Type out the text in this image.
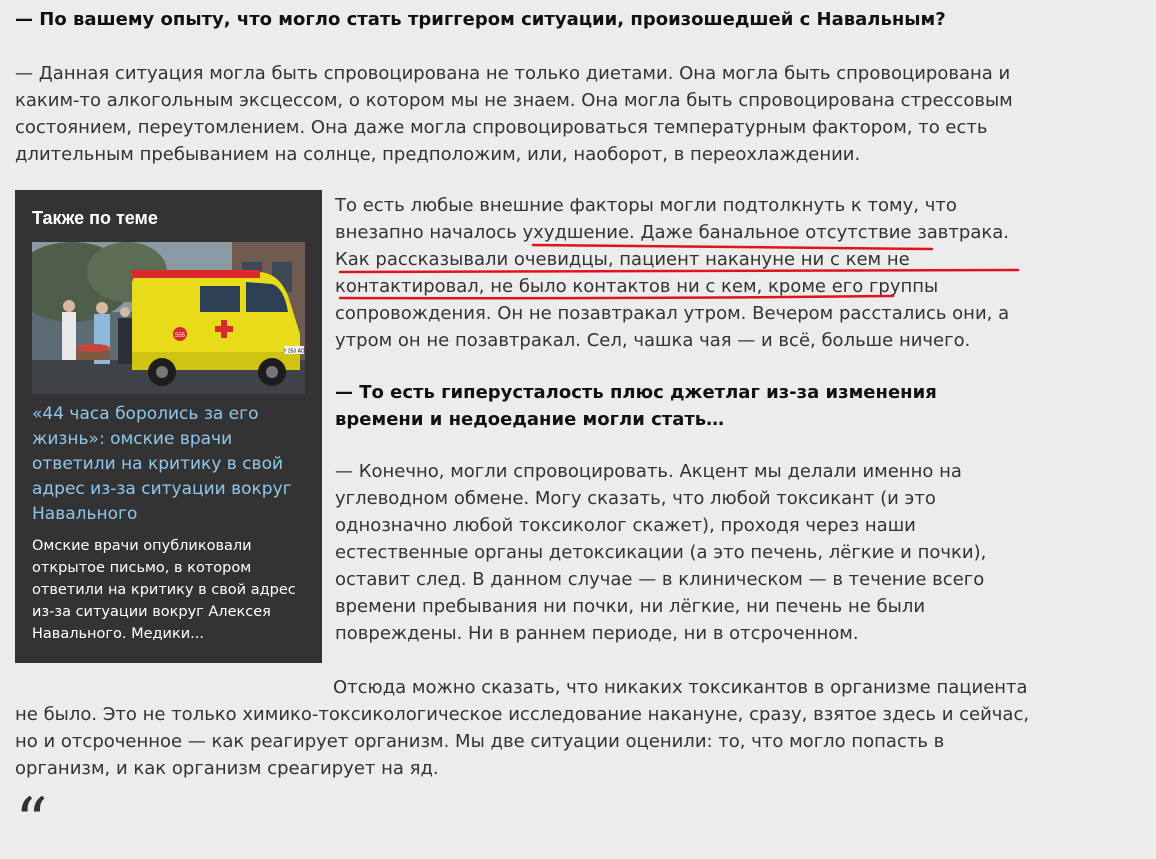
— По вашему опыту, что могло стать триггером ситуации, произошедшей с Навальным?

— Данная ситуация могла быть спровоцирована не только диетами. Она могла быть спровоцирована и каким-то алкогольным эксцессом, о котором мы не знаем. Она могла быть спровоцирована стрессовым состоянием, переутомлением. Она даже могла спровоцироваться температурным фактором, то есть длительным пребыванием на солнце, предположим, или, наоборот, в переохлаждении.

Также по теме
555
У 253 АО
«44 часа боролись за его жизнь»: омские врачи ответили на критику в свой адрес из-за ситуации вокруг Навального

Омские врачи опубликовали открытое письмо, в котором ответили на критику в свой адрес из-за ситуации вокруг Алексея Навального. Медики...

То есть любые внешние факторы могли подтолкнуть к тому, что внезапно началось ухудшение. Даже банальное отсутствие завтрака. Как рассказывали очевидцы, пациент накануне ни с кем не контактировал, не было контактов ни с кем, кроме его группы сопровождения. Он не позавтракал утром. Вечером расстались они, а утром он не позавтракал. Сел, чашка чая — и всё, больше ничего.

— То есть гиперусталость плюс джетлаг из-за изменения времени и недоедание могли стать…

— Конечно, могли спровоцировать. Акцент мы делали именно на углеводном обмене. Могу сказать, что любой токсикант (и это однозначно любой токсиколог скажет), проходя через наши естественные органы детоксикации (а это печень, лёгкие и почки), оставит след. В данном случае — в клиническом — в течение всего времени пребывания ни почки, ни лёгкие, ни печень не были повреждены. Ни в раннем периоде, ни в отсроченном.

Отсюда можно сказать, что никаких токсикантов в организме пациента не было. Это не только химико-токсикологическое исследование накануне, сразу, взятое здесь и сейчас, но и отсроченное — как реагирует организм. Мы две ситуации оценили: то, что могло попасть в организм, и как организм среагирует на яд.

“
